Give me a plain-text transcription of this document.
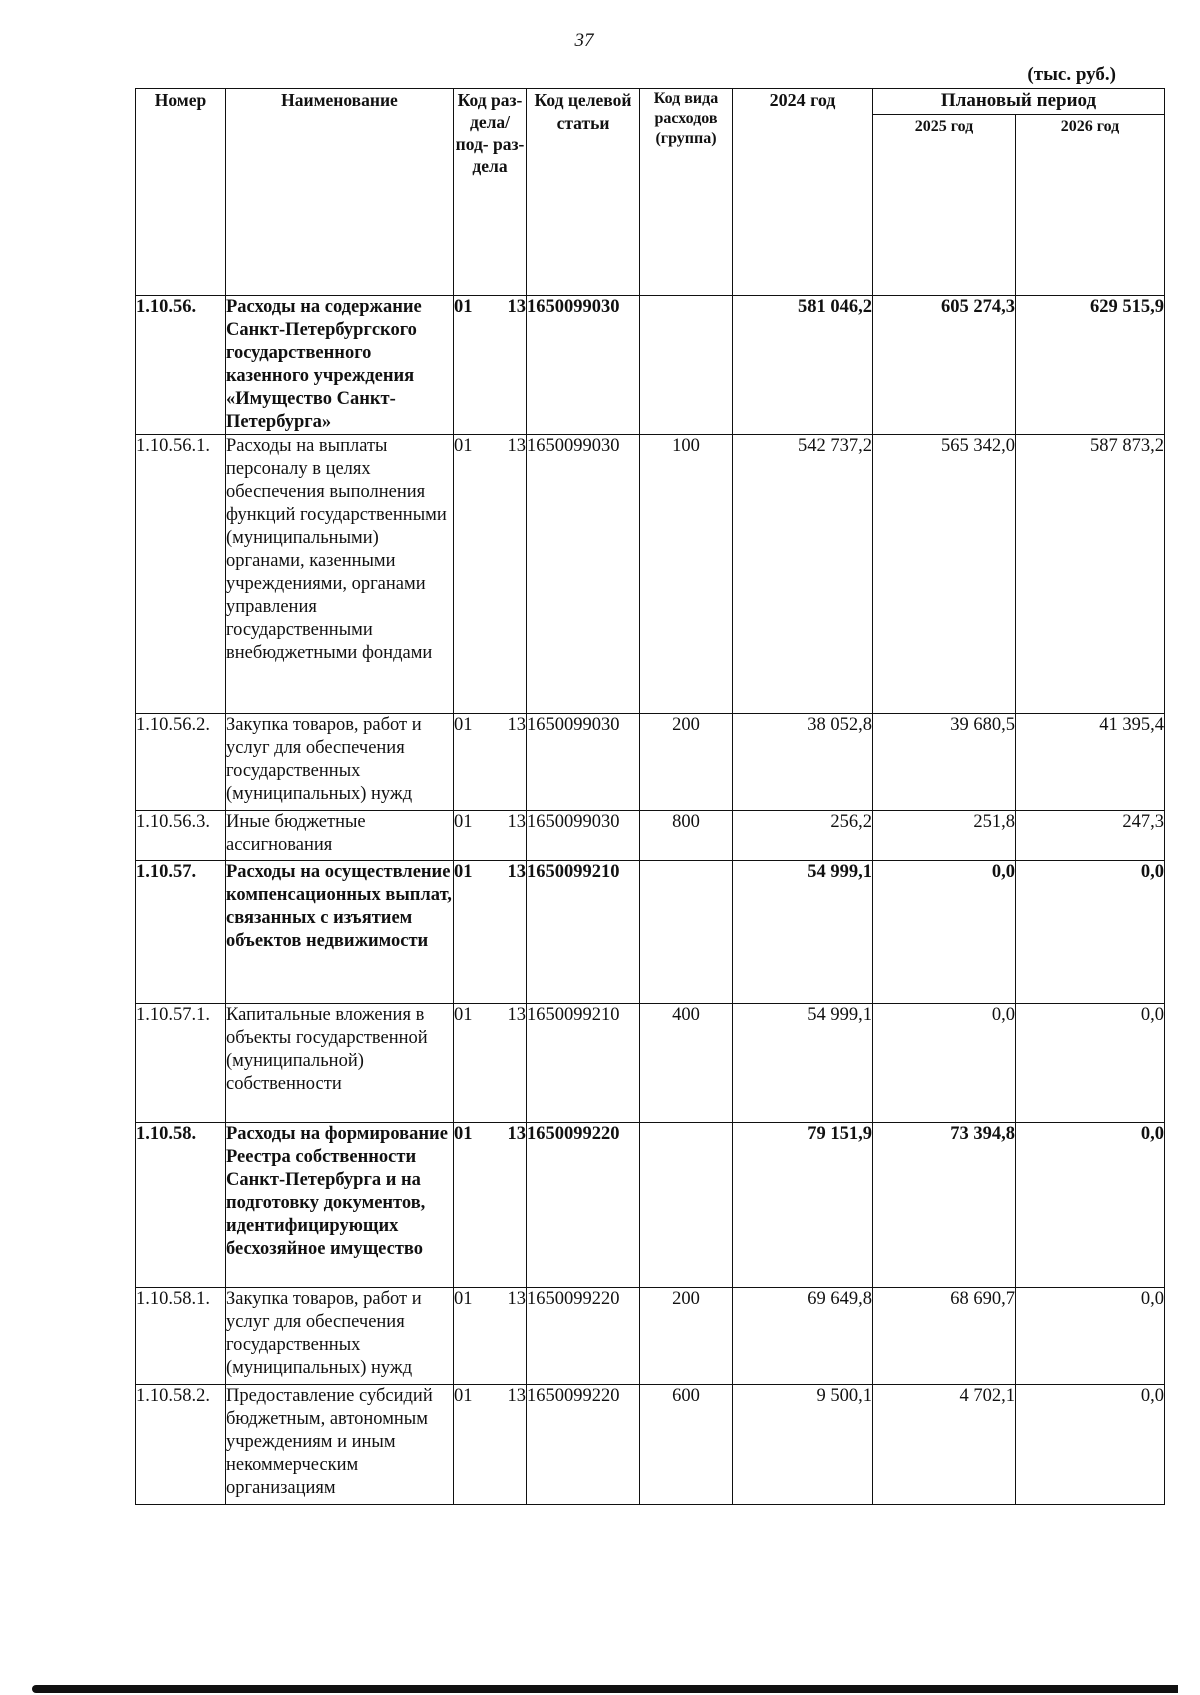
37
(тыс. руб.)
Номер	Наименование	Код раз- дела/ под- раз- дела	Код целевой статьи	Код вида расходов (группа)	2024 год	Плановый период	
						2025 год	2026 год
1.10.56.	Расходы на содержание Санкт-Петербургского государственного казенного учреждения «Имущество Санкт-Петербурга»	01 13	1650099030		581 046,2	605 274,3	629 515,9
1.10.56.1.	Расходы на выплаты персоналу в целях обеспечения выполнения функций государственными (муниципальными) органами, казенными учреждениями, органами управления государственными внебюджетными фондами	01 13	1650099030	100	542 737,2	565 342,0	587 873,2
1.10.56.2.	Закупка товаров, работ и услуг для обеспечения государственных (муниципальных) нужд	01 13	1650099030	200	38 052,8	39 680,5	41 395,4
1.10.56.3.	Иные бюджетные ассигнования	01 13	1650099030	800	256,2	251,8	247,3
1.10.57.	Расходы на осуществление компенсационных выплат, связанных с изъятием объектов недвижимости	01 13	1650099210		54 999,1	0,0	0,0
1.10.57.1.	Капитальные вложения в объекты государственной (муниципальной) собственности	01 13	1650099210	400	54 999,1	0,0	0,0
1.10.58.	Расходы на формирование Реестра собственности Санкт-Петербурга и на подготовку документов, идентифицирующих бесхозяйное имущество	01 13	1650099220		79 151,9	73 394,8	0,0
1.10.58.1.	Закупка товаров, работ и услуг для обеспечения государственных (муниципальных) нужд	01 13	1650099220	200	69 649,8	68 690,7	0,0
1.10.58.2.	Предоставление субсидий бюджетным, автономным учреждениям и иным некоммерческим организациям	01 13	1650099220	600	9 500,1	4 702,1	0,0
